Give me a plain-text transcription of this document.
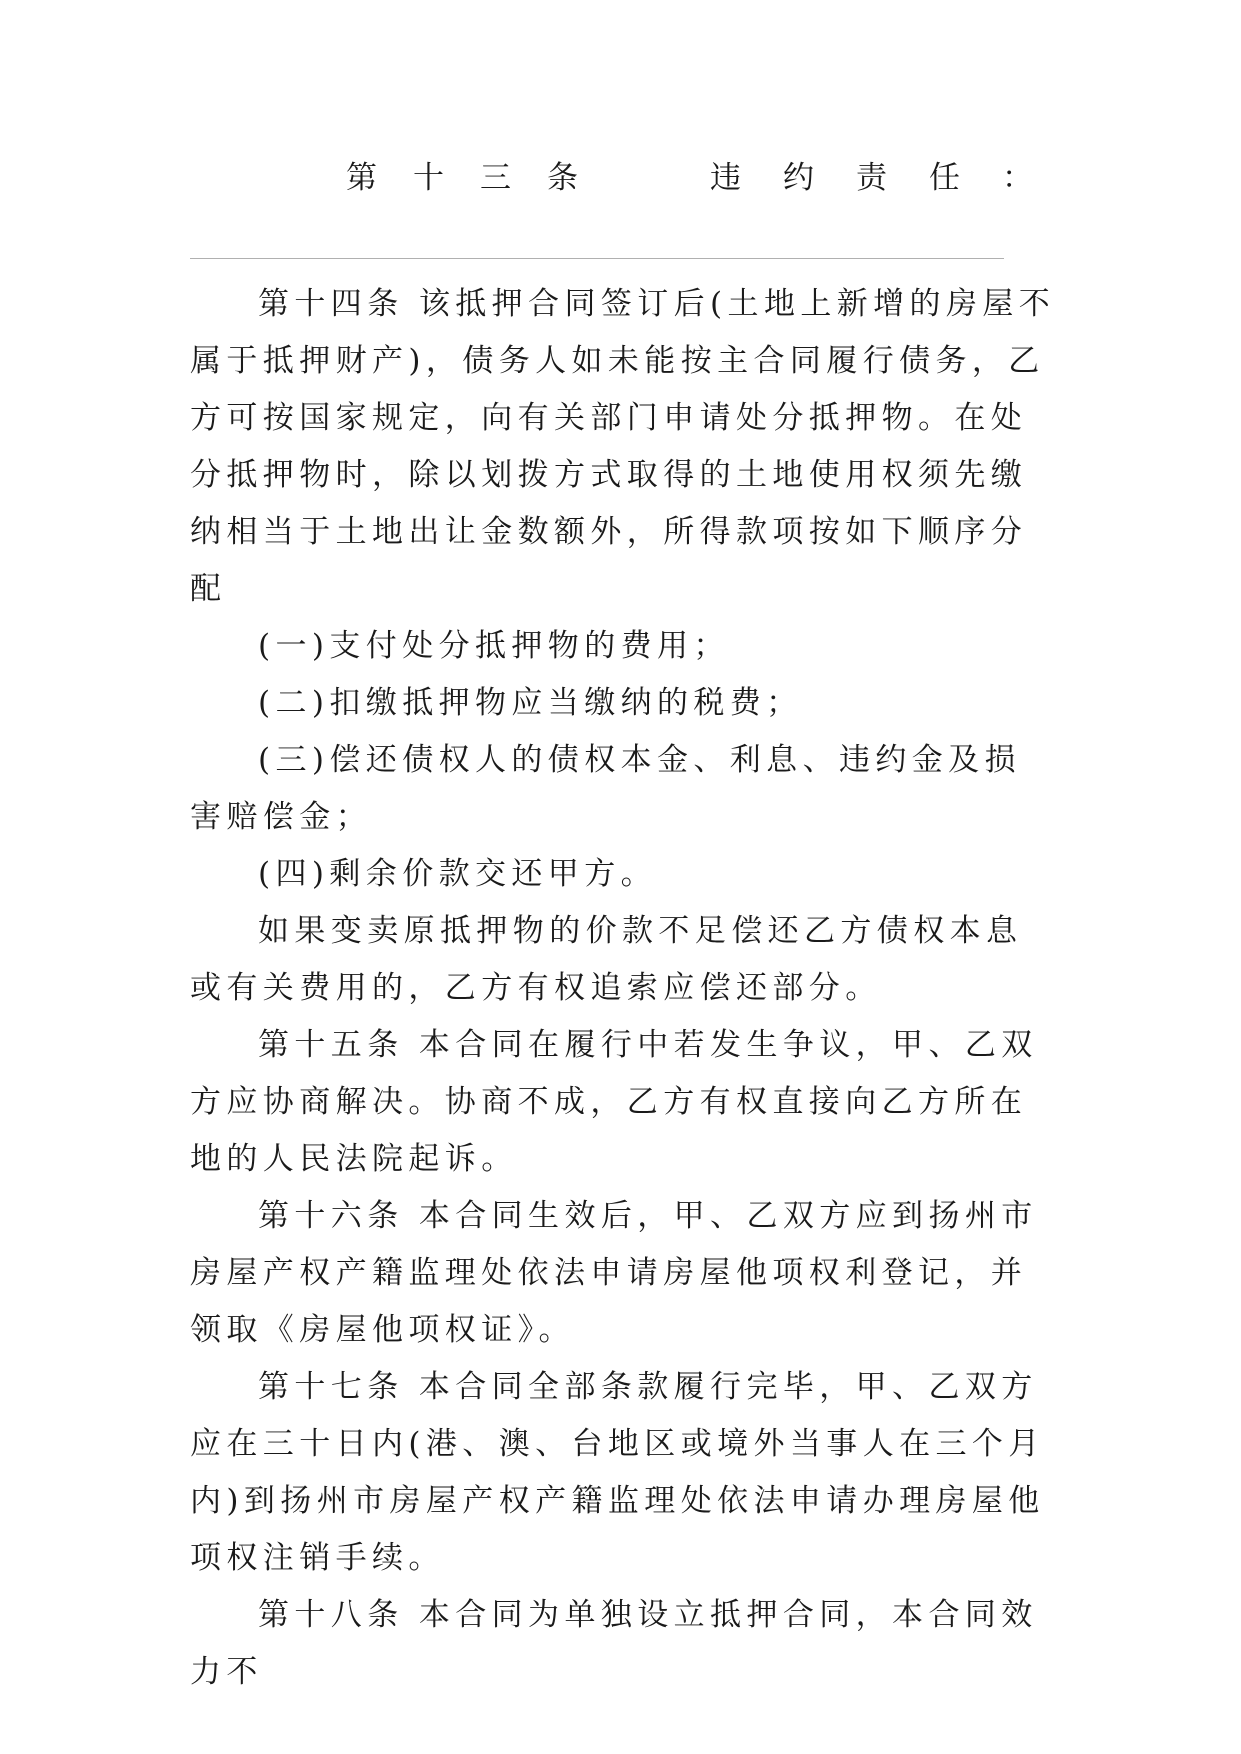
第十三条	违约责任：

第十四条 该抵押合同签订后(土地上新增的房屋不属于抵押财产)，债务人如未能按主合同履行债务，乙方可按国家规定，向有关部门申请处分抵押物。在处分抵押物时，除以划拨方式取得的土地使用权须先缴纳相当于土地出让金数额外，所得款项按如下顺序分配

(一)支付处分抵押物的费用；

(二)扣缴抵押物应当缴纳的税费；

(三)偿还债权人的债权本金、利息、违约金及损害赔偿金；

(四)剩余价款交还甲方。

如果变卖原抵押物的价款不足偿还乙方债权本息或有关费用的，乙方有权追索应偿还部分。

第十五条 本合同在履行中若发生争议，甲、乙双方应协商解决。协商不成，乙方有权直接向乙方所在地的人民法院起诉。

第十六条 本合同生效后，甲、乙双方应到扬州市房屋产权产籍监理处依法申请房屋他项权利登记，并领取《房屋他项权证》。

第十七条 本合同全部条款履行完毕，甲、乙双方应在三十日内(港、澳、台地区或境外当事人在三个月内)到扬州市房屋产权产籍监理处依法申请办理房屋他项权注销手续。

第十八条 本合同为单独设立抵押合同，本合同效力不
